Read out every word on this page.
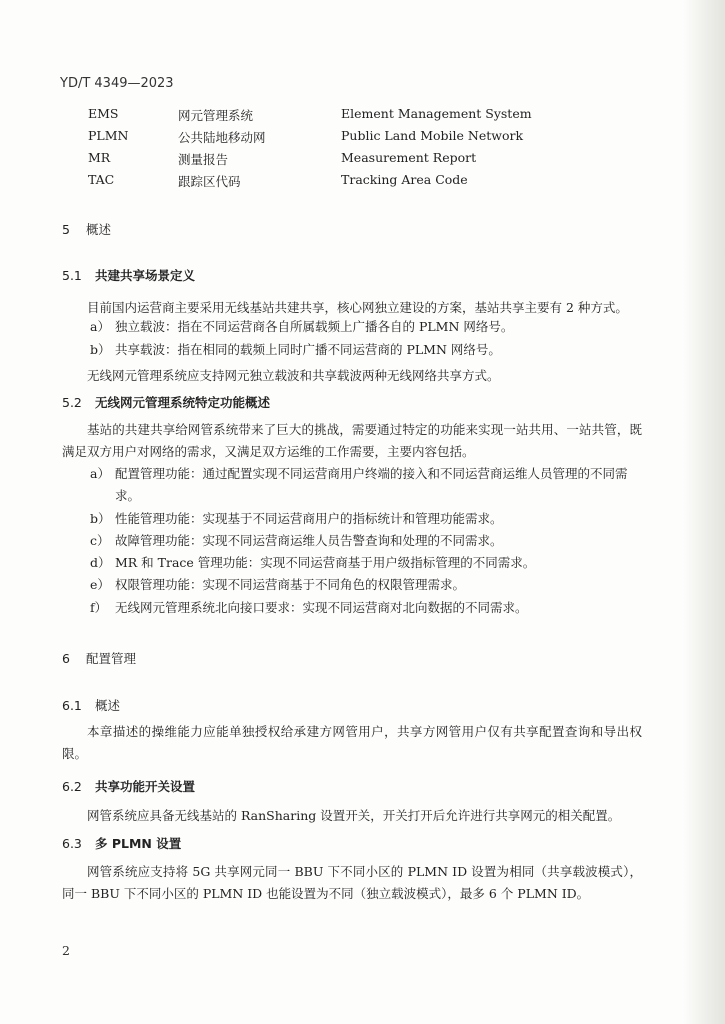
YD/T 4349—2023
EMS	网元管理系统	Element Management System
PLMN	公共陆地移动网	Public Land Mobile Network
MR	测量报告	Measurement Report
TAC	跟踪区代码	Tracking Area Code
5 概述
5.1 共建共享场景定义
目前国内运营商主要采用无线基站共建共享，核心网独立建设的方案，基站共享主要有 2 种方式。
a） 独立载波：指在不同运营商各自所属载频上广播各自的 PLMN 网络号。
b） 共享载波：指在相同的载频上同时广播不同运营商的 PLMN 网络号。
无线网元管理系统应支持网元独立载波和共享载波两种无线网络共享方式。
5.2 无线网元管理系统特定功能概述

基站的共建共享给网管系统带来了巨大的挑战，需要通过特定的功能来实现一站共用、一站共管，既满足双方用户对网络的需求，又满足双方运维的工作需要，主要内容包括。

a） 配置管理功能：通过配置实现不同运营商用户终端的接入和不同运营商运维人员管理的不同需求。
b） 性能管理功能：实现基于不同运营商用户的指标统计和管理功能需求。
c） 故障管理功能：实现不同运营商运维人员告警查询和处理的不同需求。
d） MR 和 Trace 管理功能：实现不同运营商基于用户级指标管理的不同需求。
e） 权限管理功能：实现不同运营商基于不同角色的权限管理需求。
f） 无线网元管理系统北向接口要求：实现不同运营商对北向数据的不同需求。
6 配置管理
6.1 概述

本章描述的操维能力应能单独授权给承建方网管用户，共享方网管用户仅有共享配置查询和导出权限。

6.2 共享功能开关设置
网管系统应具备无线基站的 RanSharing 设置开关，开关打开后允许进行共享网元的相关配置。
6.3 多 PLMN 设置

网管系统应支持将 5G 共享网元同一 BBU 下不同小区的 PLMN ID 设置为相同（共享载波模式），同一 BBU 下不同小区的 PLMN ID 也能设置为不同（独立载波模式），最多 6 个 PLMN ID。

2
